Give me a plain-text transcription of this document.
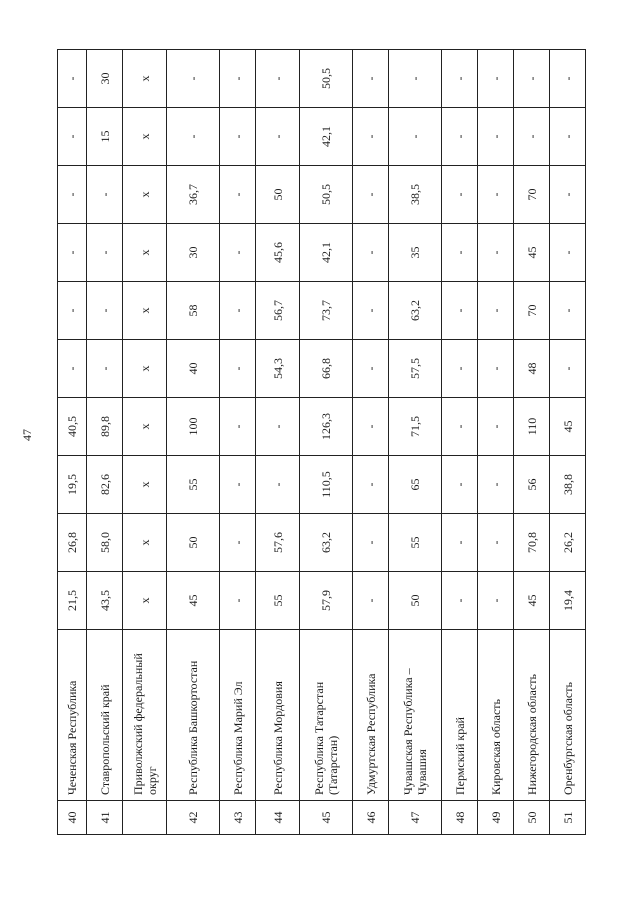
47
40	Чеченская Республика	21,5	26,8	19,5	40,5	-	-	-	-	-	-
41	Ставропольский край	43,5	58,0	82,6	89,8	-	-	-	-	15	30
	Приволжский федеральный округ	х	х	х	х	х	х	х	х	х	х
42	Республика Башкортостан	45	50	55	100	40	58	30	36,7	-	-
43	Республика Марий Эл	-	-	-	-	-	-	-	-	-	-
44	Республика Мордовия	55	57,6	-	-	54,3	56,7	45,6	50	-	-
45	Республика Татарстан (Татарстан)	57,9	63,2	110,5	126,3	66,8	73,7	42,1	50,5	42,1	50,5
46	Удмуртская Республика	-	-	-	-	-	-	-	-	-	-
47	Чувашская Республика – Чувашия	50	55	65	71,5	57,5	63,2	35	38,5	-	-
48	Пермский край	-	-	-	-	-	-	-	-	-	-
49	Кировская область	-	-	-	-	-	-	-	-	-	-
50	Нижегородская область	45	70,8	56	110	48	70	45	70	-	-
51	Оренбургская область	19,4	26,2	38,8	45	-	-	-	-	-	-
